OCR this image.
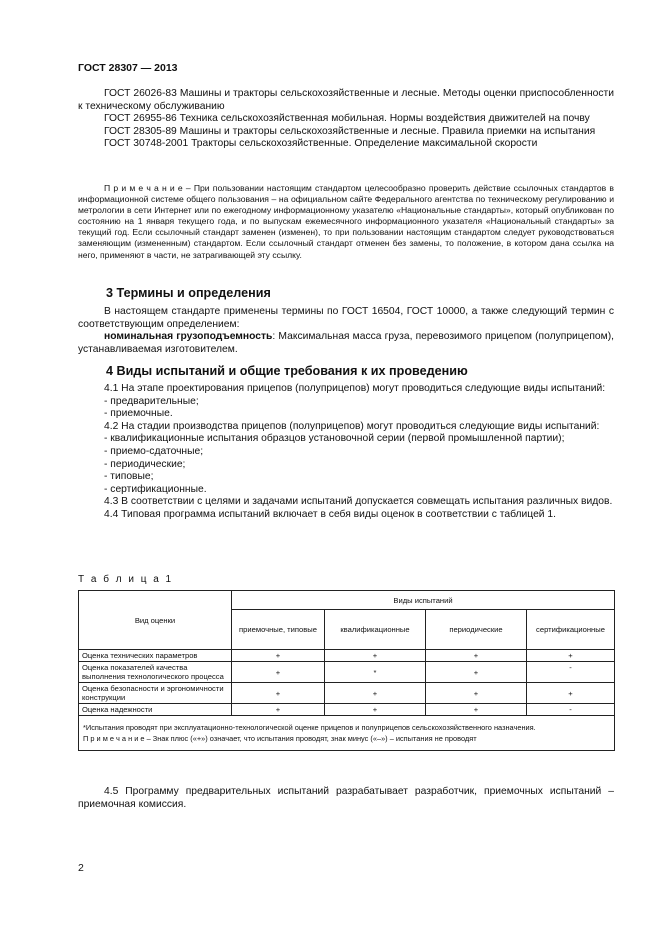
ГОСТ 28307 — 2013

ГОСТ 26026-83 Машины и тракторы сельскохозяйственные и лесные. Методы оценки приспособленности к техническому обслуживанию

ГОСТ 26955-86 Техника сельскохозяйственная мобильная. Нормы воздействия движителей на почву

ГОСТ 28305-89 Машины и тракторы сельскохозяйственные и лесные. Правила приемки на испытания

ГОСТ 30748-2001 Тракторы сельскохозяйственные. Определение максимальной скорости

П р и м е ч а н и е – При пользовании настоящим стандартом целесообразно проверить действие ссылочных стандартов в информационной системе общего пользования – на официальном сайте Федерального агентства по техническому регулированию и метрологии в сети Интернет или по ежегодному информационному указателю «Национальные стандарты», который опубликован по состоянию на 1 января текущего года, и по выпускам ежемесячного информационного указателя «Национальный стандарты» за текущий год. Если ссылочный стандарт заменен (изменен), то при пользовании настоящим стандартом следует руководствоваться заменяющим (измененным) стандартом. Если ссылочный стандарт отменен без замены, то положение, в котором дана ссылка на него, применяют в части, не затрагивающей эту ссылку.
3 Термины и определения

В настоящем стандарте применены термины по ГОСТ 16504, ГОСТ 10000, а также следующий термин с соответствующим определением:

номинальная грузоподъемность: Максимальная масса груза, перевозимого прицепом (полуприцепом), устанавливаемая изготовителем.

4 Виды испытаний и общие требования к их проведению

4.1 На этапе проектирования прицепов (полуприцепов) могут проводиться следующие виды испытаний:

- предварительные;

- приемочные.

4.2 На стадии производства прицепов (полуприцепов) могут проводиться следующие виды испытаний:

- квалификационные испытания образцов установочной серии (первой промышленной партии);

- приемо-сдаточные;

- периодические;

- типовые;

- сертификационные.

4.3 В соответствии с целями и задачами испытаний допускается совмещать испытания различных видов.

4.4 Типовая программа испытаний включает в себя виды оценок в соответствии с таблицей 1.

Т а б л и ц а 1
Вид оценки	Виды испытаний			
	приемочные, типовые	квалификационные	периодические	сертификационные
Оценка технических параметров	+	+	+	+
Оценка показателей качества выполнения технологического процесса	+	*	+	-
Оценка безопасности и эргономичности конструкции	+	+	+	+
Оценка надежности	+	+	+	-

*Испытания проводят при эксплуатационно-технологической оценке прицепов и полуприцепов сельскохозяйственного назначения.
П р и м е ч а н и е – Знак плюс («+») означает, что испытания проводят, знак минус («–») – испытания не проводят				

4.5 Программу предварительных испытаний разрабатывает разработчик, приемочных испытаний – приемочная комиссия.

2
